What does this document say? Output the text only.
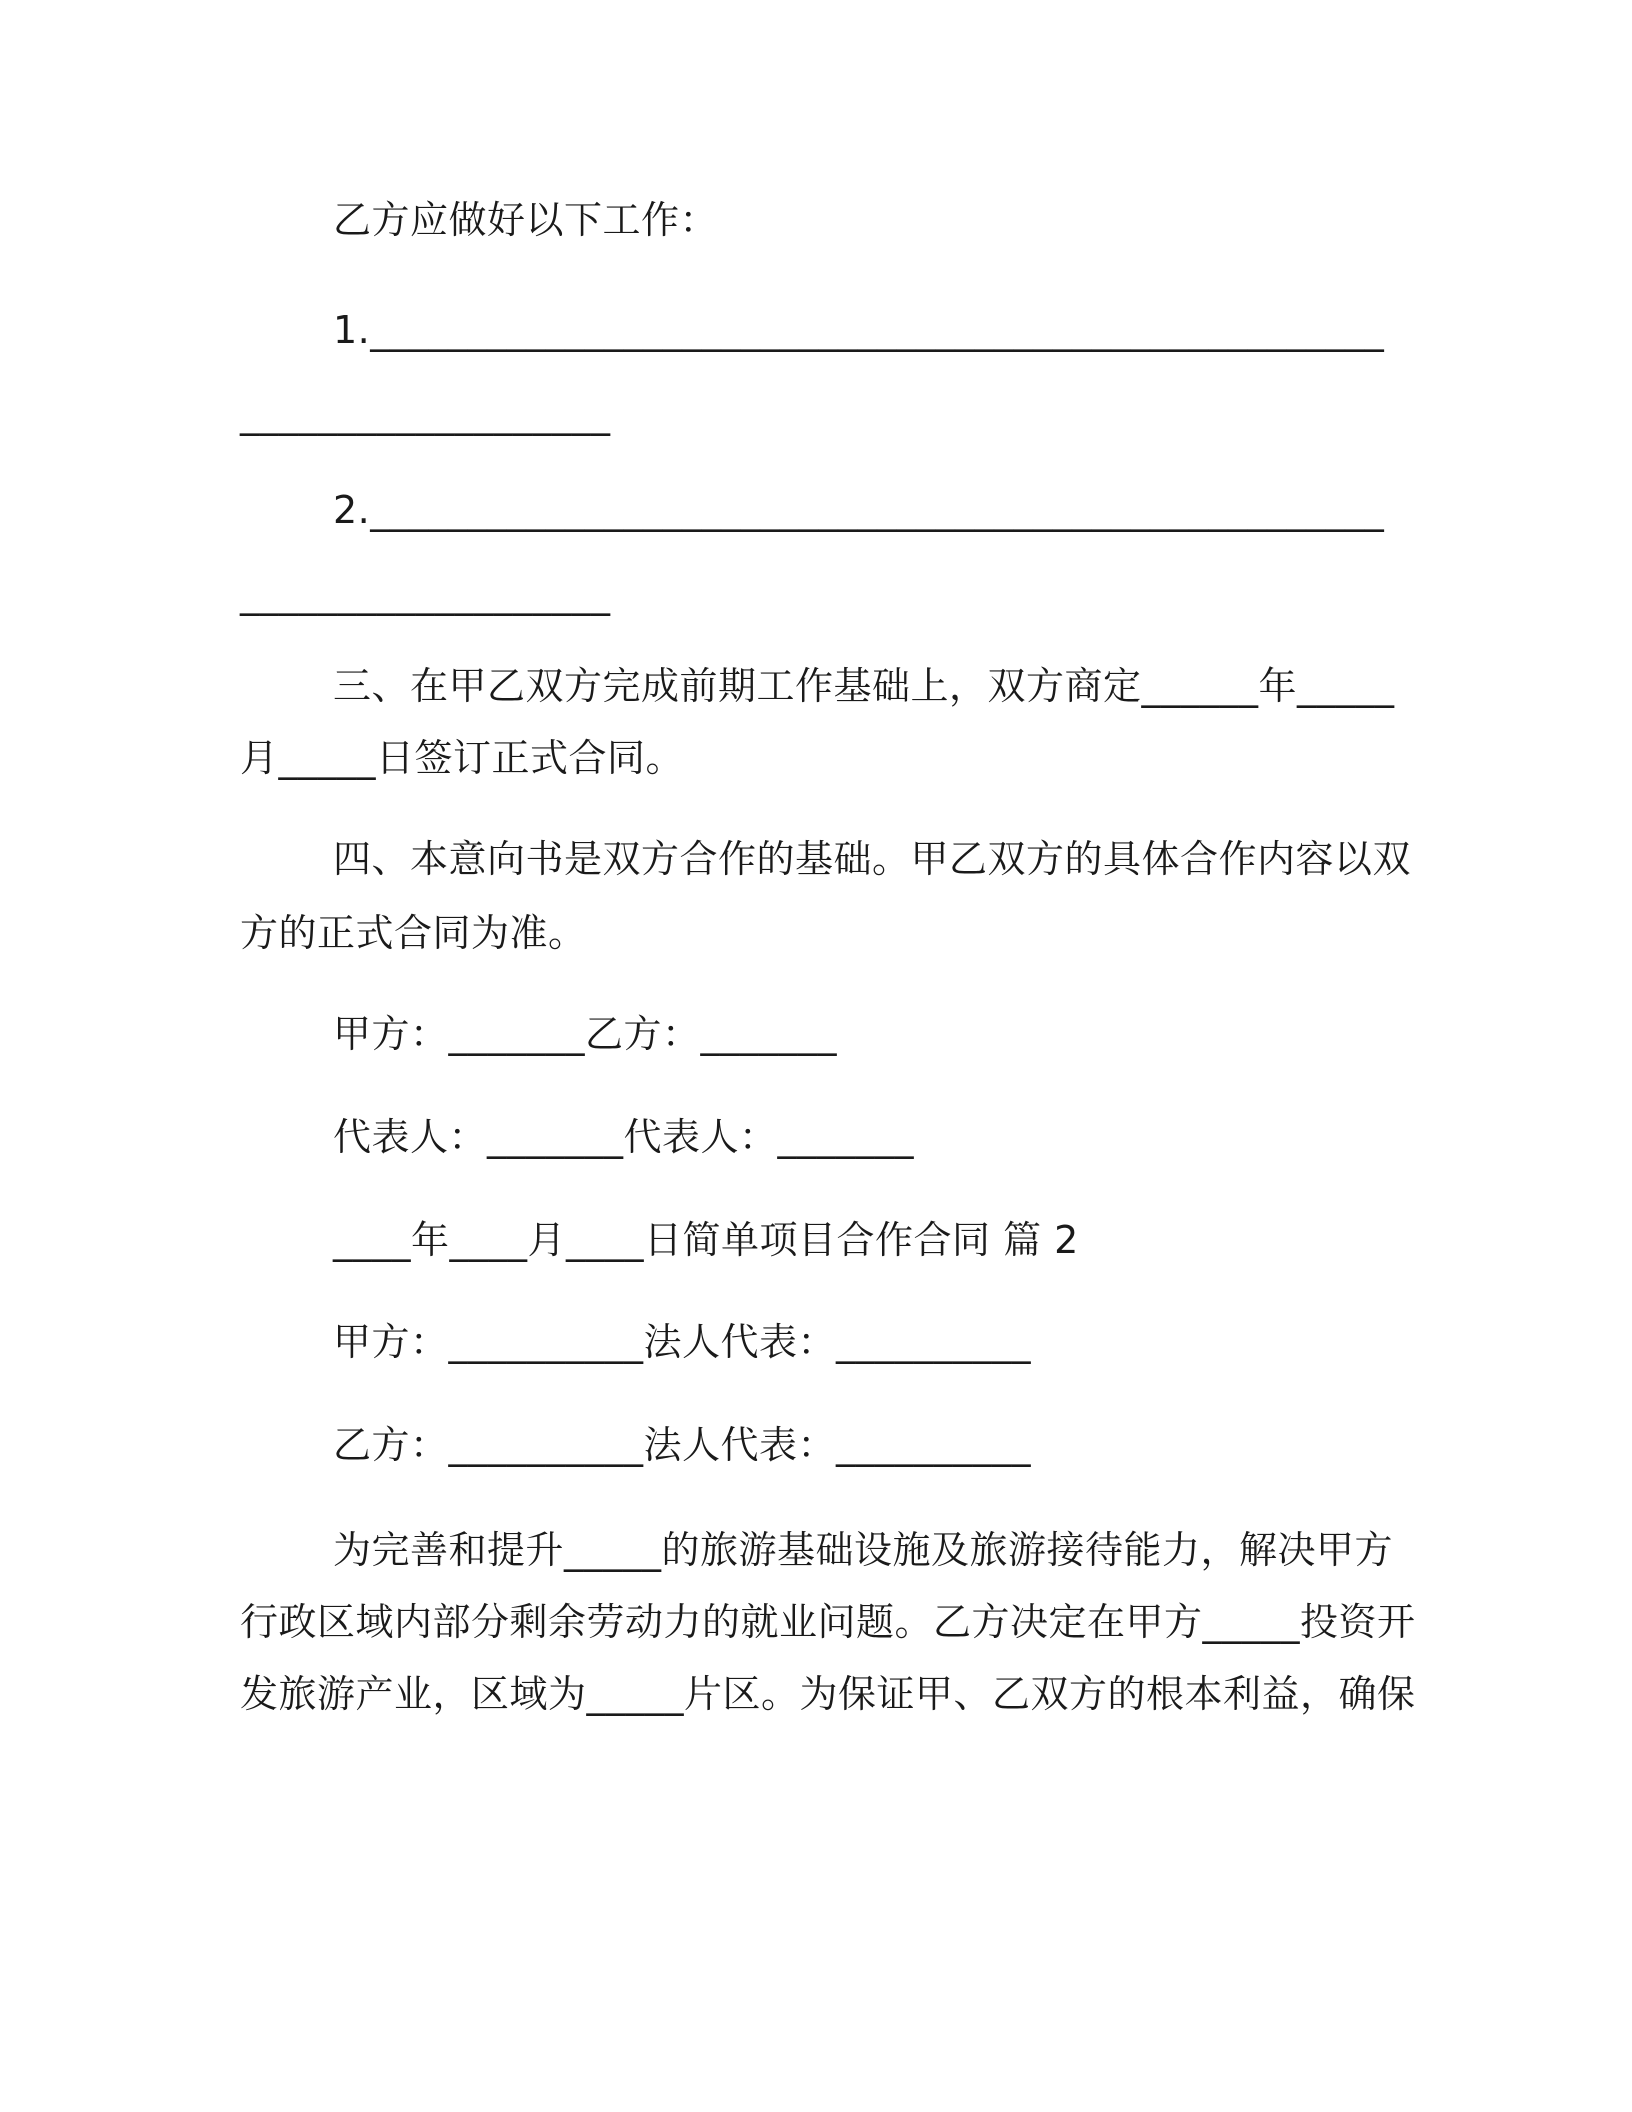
乙方应做好以下工作：
1.____________________________________________________
___________________
2.____________________________________________________
___________________
三、在甲乙双方完成前期工作基础上，双方商定______年_____
月_____日签订正式合同。
四、本意向书是双方合作的基础。甲乙双方的具体合作内容以双
方的正式合同为准。
甲方：_______乙方：_______
代表人：_______代表人：_______
____年____月____日简单项目合作合同 篇 2
甲方：__________法人代表：__________
乙方：__________法人代表：__________
为完善和提升_____的旅游基础设施及旅游接待能力，解决甲方
行政区域内部分剩余劳动力的就业问题。乙方决定在甲方_____投资开
发旅游产业，区域为_____片区。为保证甲、乙双方的根本利益，确保
